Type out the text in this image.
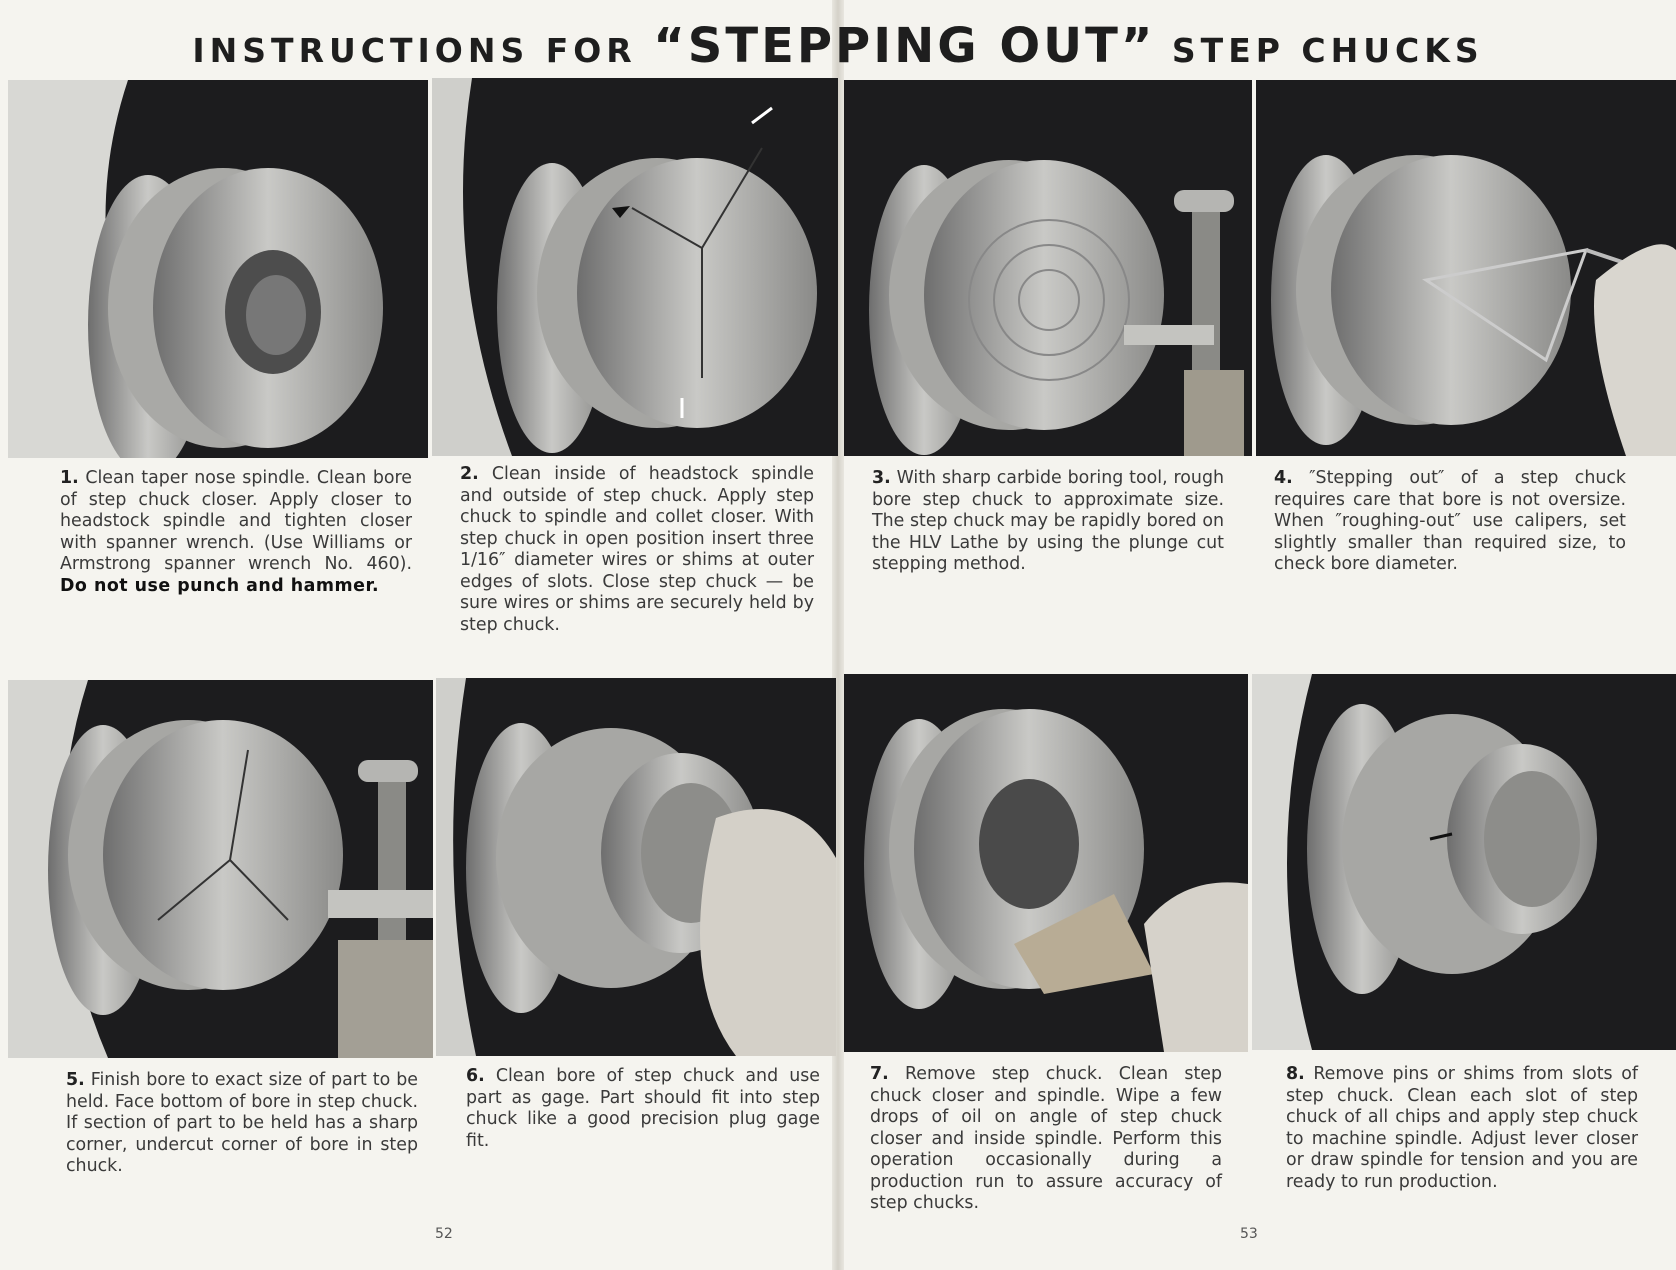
INSTRUCTIONS FOR “STEPPING OUT” STEP CHUCKS
1. Clean taper nose spindle. Clean bore of step chuck closer. Apply closer to headstock spindle and tighten closer with spanner wrench. (Use Williams or Armstrong spanner wrench No. 460). Do not use punch and hammer.
2. Clean inside of headstock spindle and outside of step chuck. Apply step chuck to spindle and collet closer. With step chuck in open position insert three 1/16″ diameter wires or shims at outer edges of slots. Close step chuck — be sure wires or shims are securely held by step chuck.
3. With sharp carbide boring tool, rough bore step chuck to approximate size. The step chuck may be rapidly bored on the HLV Lathe by using the plunge cut stepping method.
4. ″Stepping out″ of a step chuck requires care that bore is not oversize. When ″roughing-out″ use calipers, set slightly smaller than required size, to check bore diameter.
5. Finish bore to exact size of part to be held. Face bottom of bore in step chuck. If section of part to be held has a sharp corner, undercut corner of bore in step chuck.
6. Clean bore of step chuck and use part as gage. Part should fit into step chuck like a good precision plug gage fit.
7. Remove step chuck. Clean step chuck closer and spindle. Wipe a few drops of oil on angle of step chuck closer and inside spindle. Perform this operation occasionally during a production run to assure accuracy of step chucks.
8. Remove pins or shims from slots of step chuck. Clean each slot of step chuck of all chips and apply step chuck to machine spindle. Adjust lever closer or draw spindle for tension and you are ready to run production.
52	53
